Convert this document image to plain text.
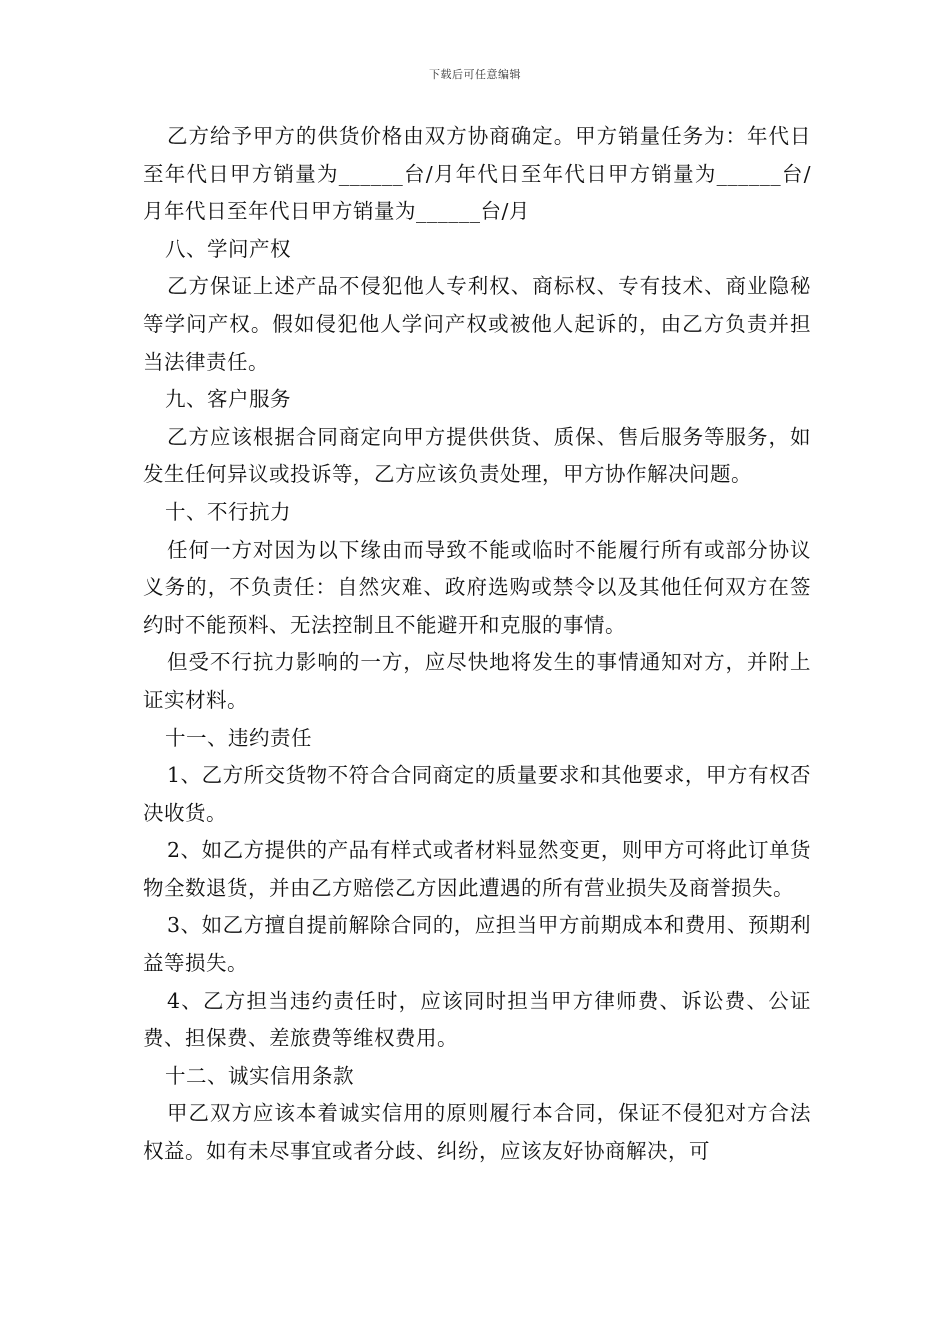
下载后可任意编辑

乙方给予甲方的供货价格由双方协商确定。甲方销量任务为：年代日至年代日甲方销量为______台/月年代日至年代日甲方销量为______台/月年代日至年代日甲方销量为______台/月

八、学问产权

乙方保证上述产品不侵犯他人专利权、商标权、专有技术、商业隐秘等学问产权。假如侵犯他人学问产权或被他人起诉的，由乙方负责并担当法律责任。

九、客户服务

乙方应该根据合同商定向甲方提供供货、质保、售后服务等服务，如发生任何异议或投诉等，乙方应该负责处理，甲方协作解决问题。

十、不行抗力

任何一方对因为以下缘由而导致不能或临时不能履行所有或部分协议义务的，不负责任：自然灾难、政府选购或禁令以及其他任何双方在签约时不能预料、无法控制且不能避开和克服的事情。

但受不行抗力影响的一方，应尽快地将发生的事情通知对方，并附上证实材料。

十一、违约责任

1、乙方所交货物不符合合同商定的质量要求和其他要求，甲方有权否决收货。

2、如乙方提供的产品有样式或者材料显然变更，则甲方可将此订单货物全数退货，并由乙方赔偿乙方因此遭遇的所有营业损失及商誉损失。

3、如乙方擅自提前解除合同的，应担当甲方前期成本和费用、预期利益等损失。

4、乙方担当违约责任时，应该同时担当甲方律师费、诉讼费、公证费、担保费、差旅费等维权费用。

十二、诚实信用条款

甲乙双方应该本着诚实信用的原则履行本合同，保证不侵犯对方合法权益。如有未尽事宜或者分歧、纠纷，应该友好协商解决，可
